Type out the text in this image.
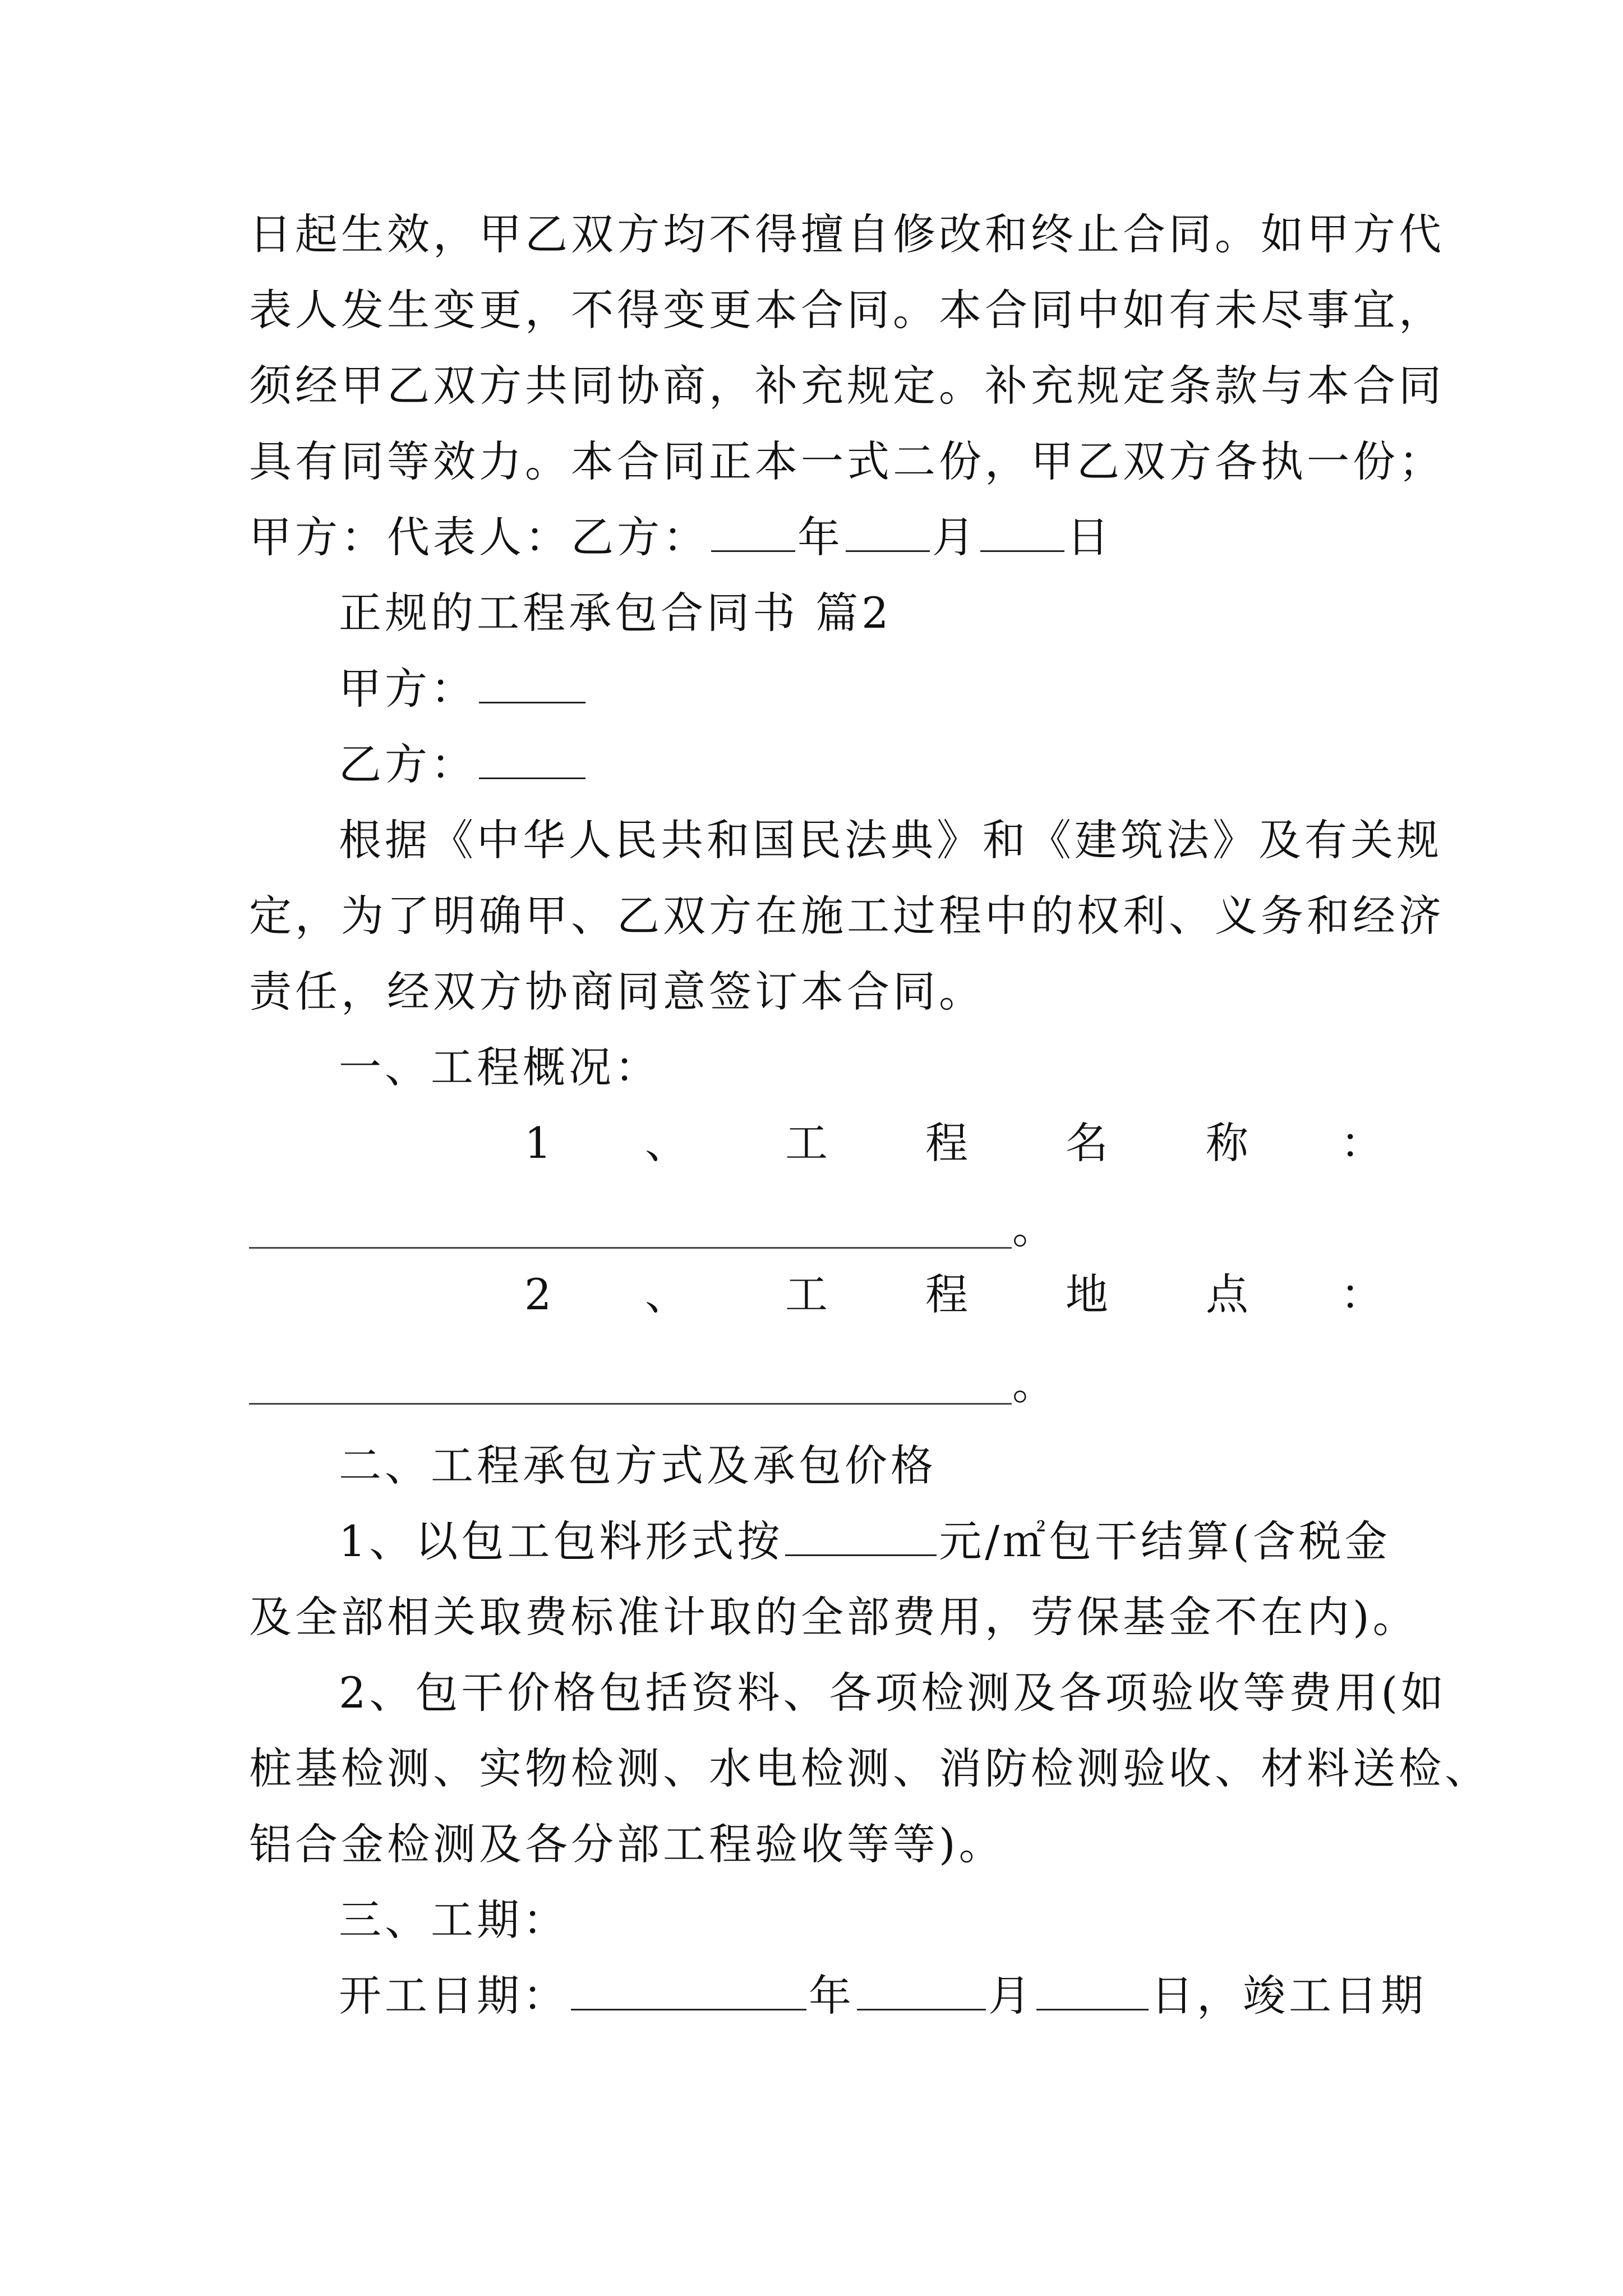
日起生效，甲乙双方均不得擅自修改和终止合同。如甲方代
表人发生变更，不得变更本合同。本合同中如有未尽事宜，
须经甲乙双方共同协商，补充规定。补充规定条款与本合同
具有同等效力。本合同正本一式二份，甲乙双方各执一份；
甲方：代表人：乙方： 年 月 日
正规的工程承包合同书 篇2
甲方：
乙方：
根据《中华人民共和国民法典》和《建筑法》及有关规
定，为了明确甲、乙双方在施工过程中的权利、义务和经济
责任，经双方协商同意签订本合同。
一、工程概况：
1 、 工 程 名 称 ：
。
2 、 工 程 地 点 ：
。
二、工程承包方式及承包价格
1、以包工包料形式按	元/㎡包干结算(含税金
及全部相关取费标准计取的全部费用，劳保基金不在内)。
2、包干价格包括资料、各项检测及各项验收等费用(如
桩基检测、实物检测、水电检测、消防检测验收、材料送检、
铝合金检测及各分部工程验收等等)。
三、工期：
开工日期：	年	月	日，竣工日期
